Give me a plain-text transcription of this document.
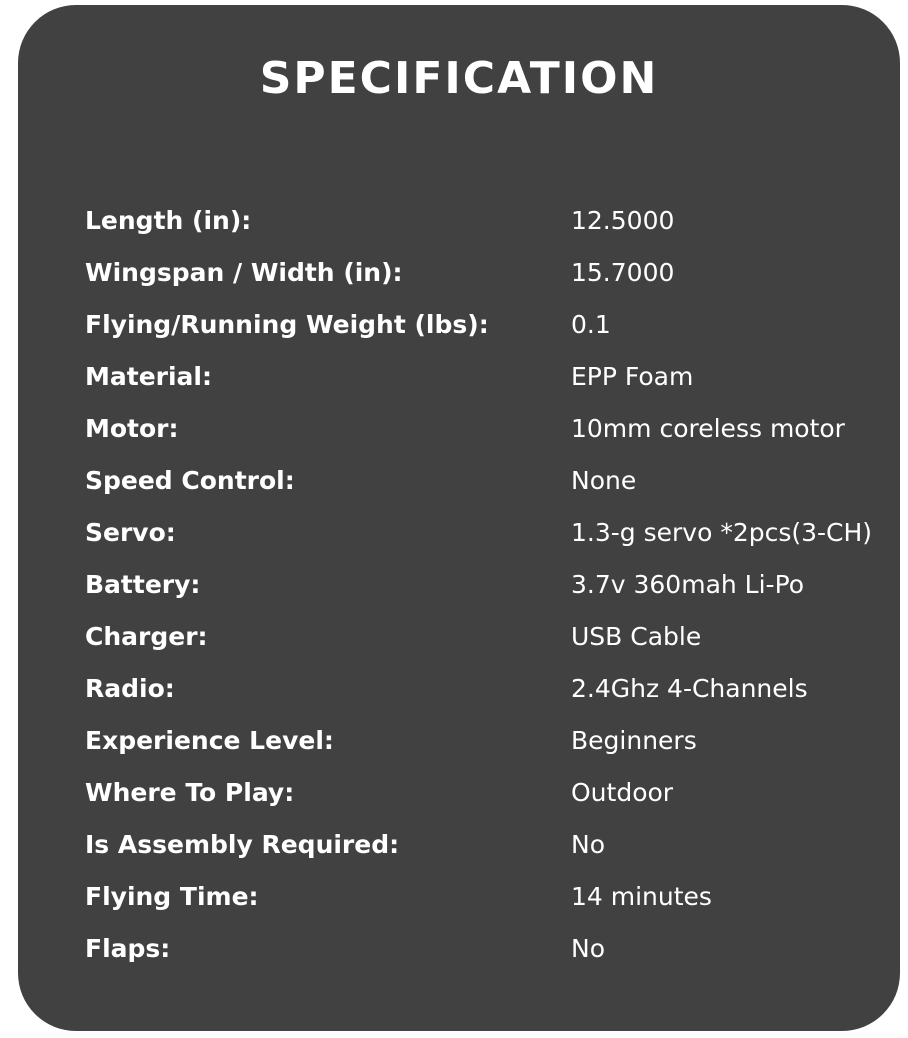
SPECIFICATION
Length (in):	12.5000
Wingspan / Width (in):	15.7000
Flying/Running Weight (lbs):	0.1
Material:	EPP Foam
Motor:	10mm coreless motor
Speed Control:	None
Servo:	1.3-g servo *2pcs(3-CH)
Battery:	3.7v 360mah Li-Po
Charger:	USB Cable
Radio:	2.4Ghz 4-Channels
Experience Level:	Beginners
Where To Play:	Outdoor
Is Assembly Required:	No
Flying Time:	14 minutes
Flaps:	No
